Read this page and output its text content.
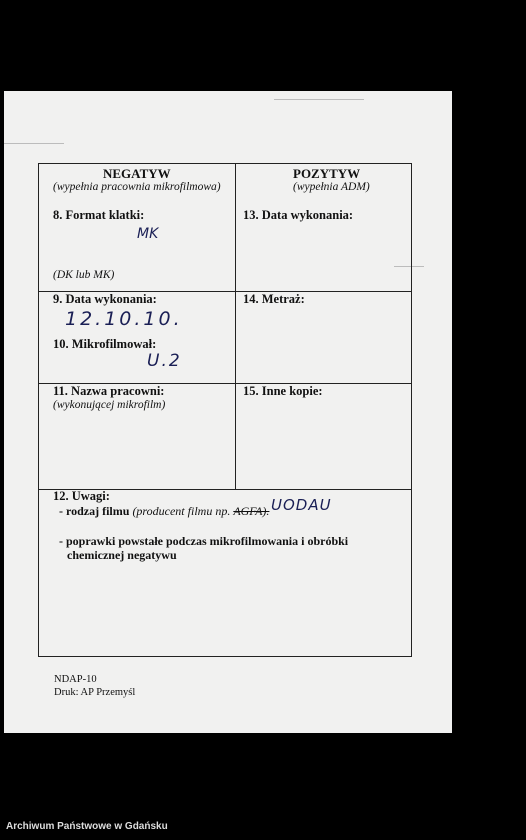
NEGATYW
(wypełnia pracownia mikrofilmowa)
8. Format klatki:
MK
(DK lub MK)
POZYTYW
(wypełnia ADM)
13. Data wykonania:
9. Data wykonania:
12.10.10.
10. Mikrofilmował:
U.2
14. Metraż:
11. Nazwa pracowni:
(wykonującej mikrofilm)
15. Inne kopie:
12. Uwagi:
- rodzaj filmu (producent filmu np. AGFA). UODAU
- poprawki powstałe podczas mikrofilmowania i obróbki
chemicznej negatywu
NDAP-10
Druk: AP Przemyśl
Archiwum Państwowe w Gdańsku
